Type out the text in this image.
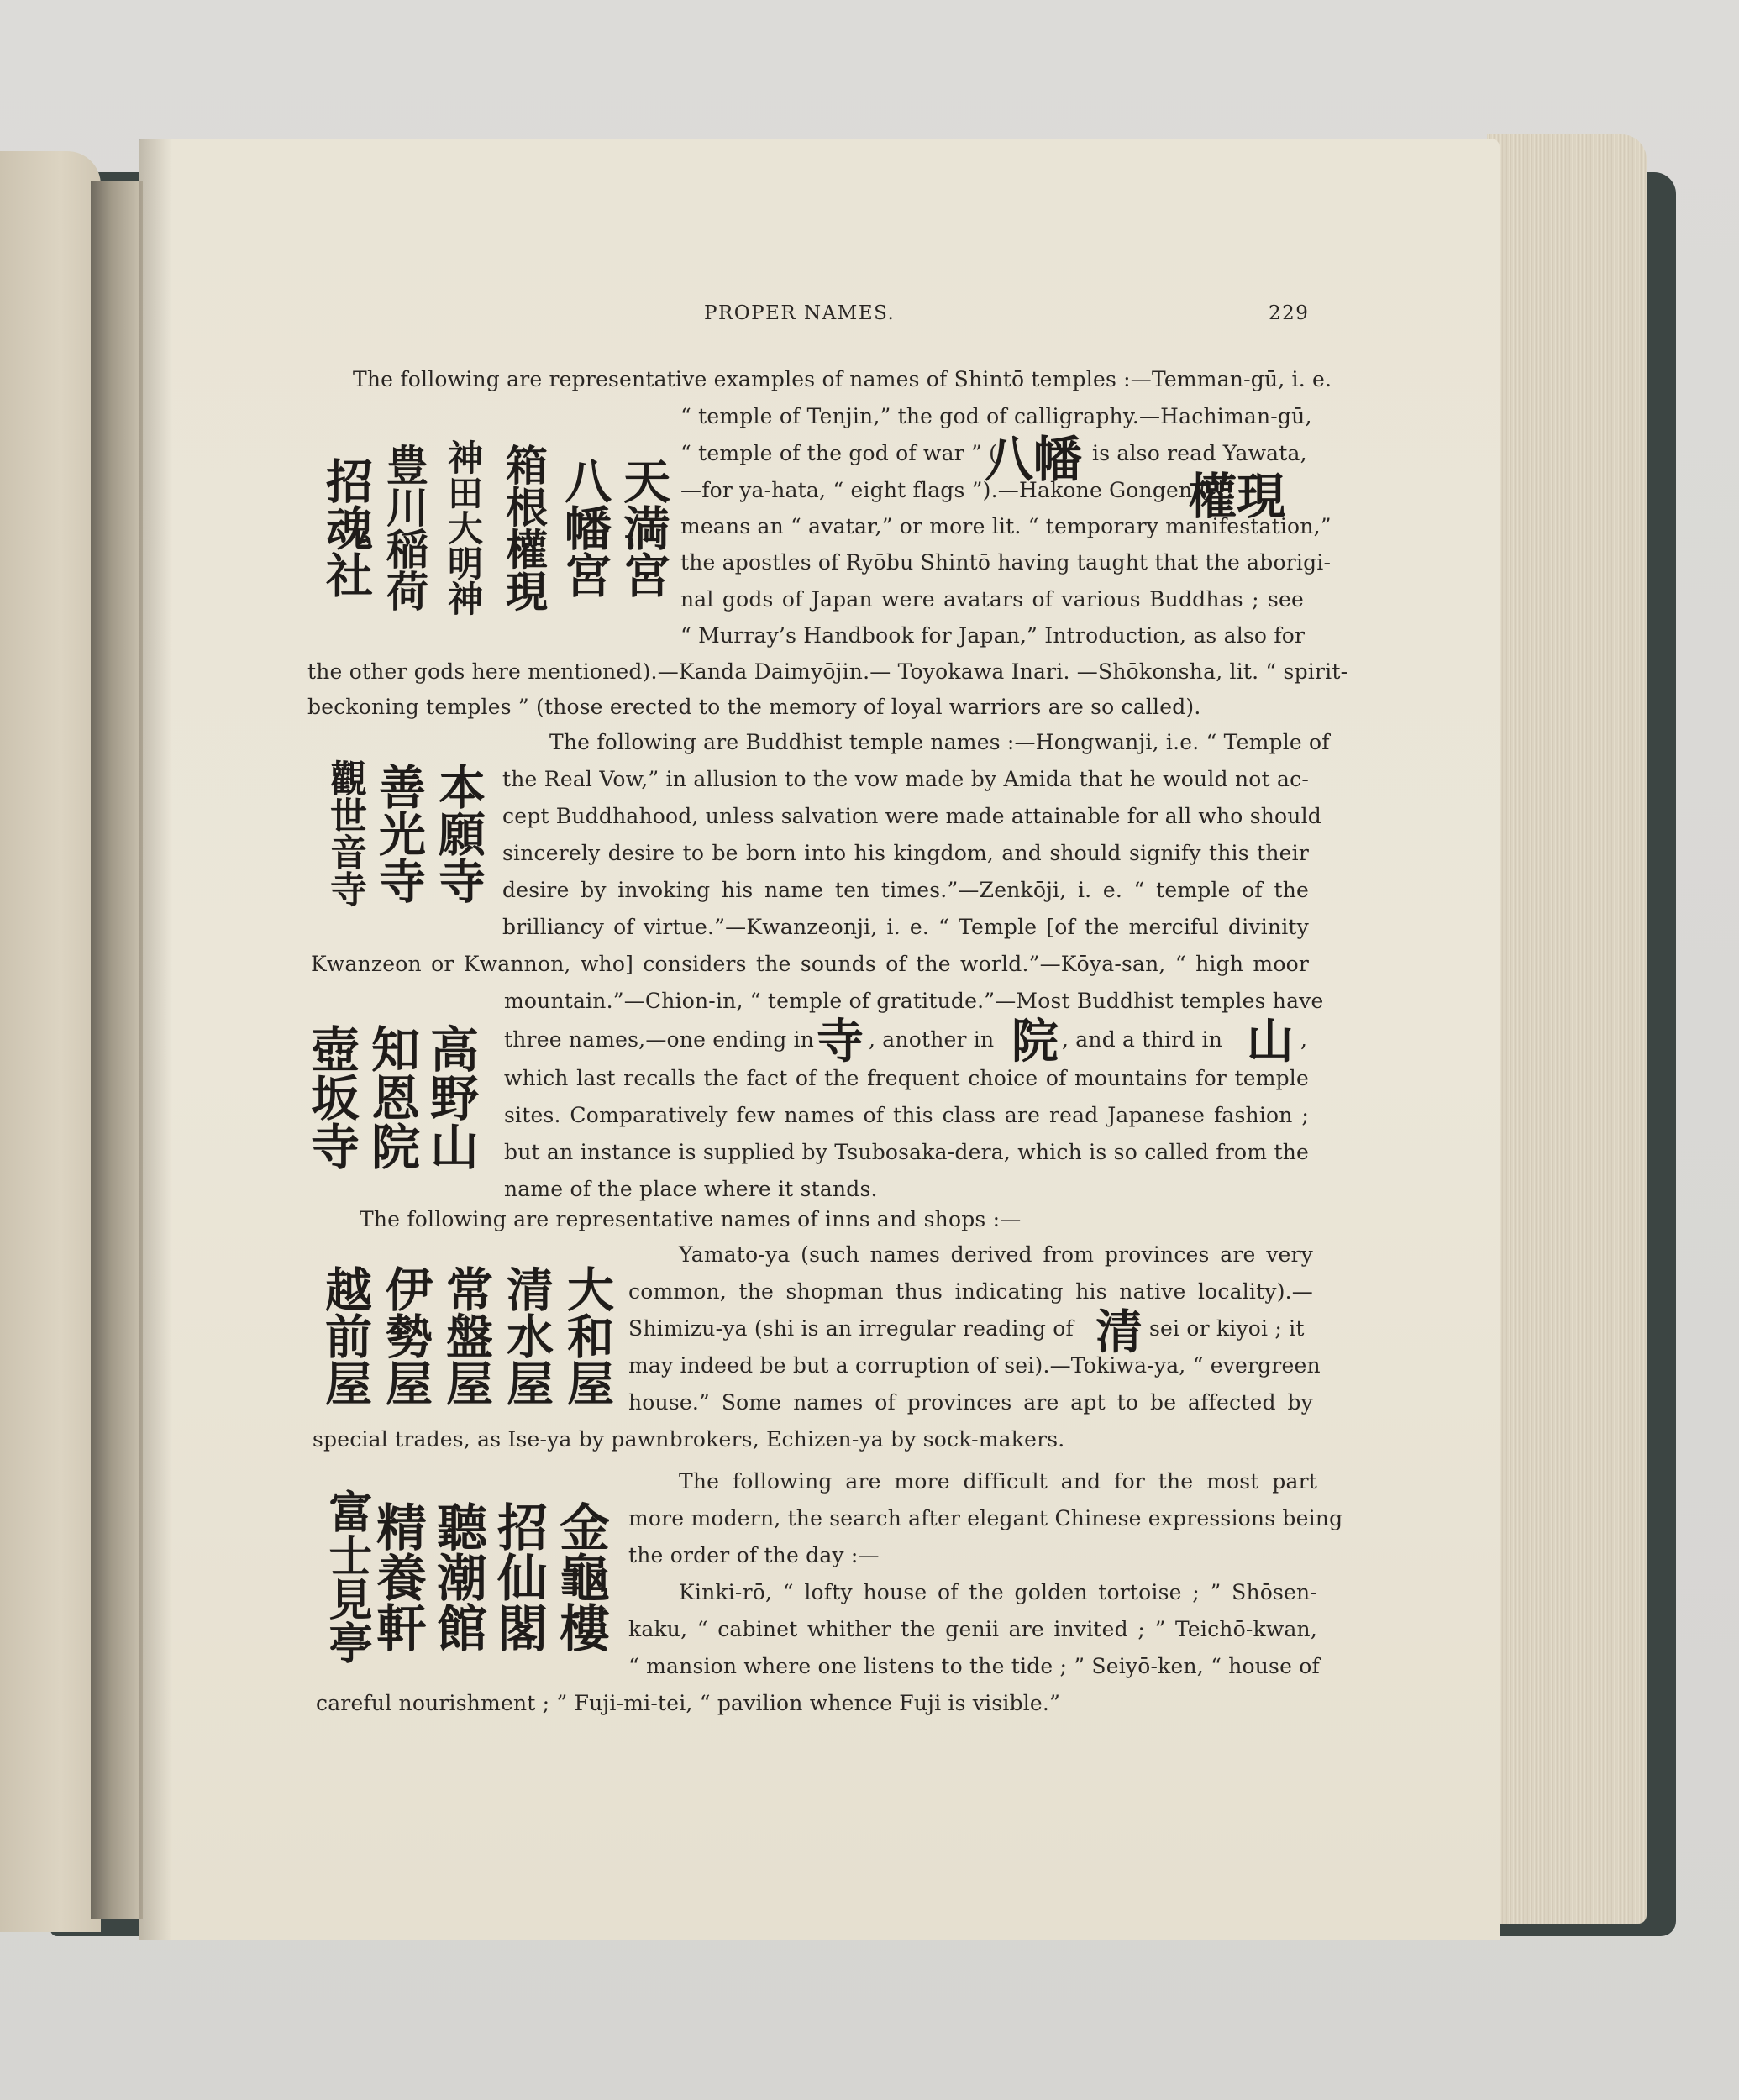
PROPER NAMES.	229
The following are representative examples of names of Shintō temples :—Temman-gū, i. e.
天満宮
八幡宮
箱根權現
神田大明神
豊川稲荷
招魂社
“ temple of Tenjin,” the god of calligraphy.—Hachiman-gū,
“ temple of the god of war ” (
八幡 is also read Yawata,
—for ya-hata, “ eight flags ”).—Hakone Gongen (
權現
means an “ avatar,” or more lit. “ temporary manifestation,”
the apostles of Ryōbu Shintō having taught that the aborigi-
nal gods of Japan were avatars of various Buddhas ; see
“ Murray’s Handbook for Japan,” Introduction, as also for
the other gods here mentioned).—Kanda Daimyōjin.— Toyokawa Inari. —Shōkonsha, lit. “ spirit-
beckoning temples ” (those erected to the memory of loyal warriors are so called).
本願寺
善光寺
觀世音寺
The following are Buddhist temple names :—Hongwanji, i.e. “ Temple of
the Real Vow,” in allusion to the vow made by Amida that he would not ac-
cept Buddhahood, unless salvation were made attainable for all who should
sincerely desire to be born into his kingdom, and should signify this their
desire by invoking his name ten times.”—Zenkōji, i. e. “ temple of the
brilliancy of virtue.”—Kwanzeonji, i. e. “ Temple [of the merciful divinity
Kwanzeon or Kwannon, who] considers the sounds of the world.”—Kōya-san, “ high moor
高野山
知恩院
壺坂寺
mountain.”—Chion-in, “ temple of gratitude.”—Most Buddhist temples have
three names,—one ending in 寺 , another in 院 , and a third in 山 ,
which last recalls the fact of the frequent choice of mountains for temple
sites. Comparatively few names of this class are read Japanese fashion ;
but an instance is supplied by Tsubosaka-dera, which is so called from the
name of the place where it stands.
The following are representative names of inns and shops :—
大和屋
清水屋
常盤屋
伊勢屋
越前屋
Yamato-ya (such names derived from provinces are very
common, the shopman thus indicating his native locality).—
Shimizu-ya (shi is an irregular reading of 清 sei or kiyoi ; it
may indeed be but a corruption of sei).—Tokiwa-ya, “ evergreen
house.” Some names of provinces are apt to be affected by
special trades, as Ise-ya by pawnbrokers, Echizen-ya by sock-makers.
金龜樓
招仙閣
聽潮館
精養軒
富士見亭
The following are more difficult and for the most part
more modern, the search after elegant Chinese expressions being
the order of the day :—
Kinki-rō, “ lofty house of the golden tortoise ; ” Shōsen-
kaku, “ cabinet whither the genii are invited ; ” Teichō-kwan,
“ mansion where one listens to the tide ; ” Seiyō-ken, “ house of
careful nourishment ; ” Fuji-mi-tei, “ pavilion whence Fuji is visible.”
